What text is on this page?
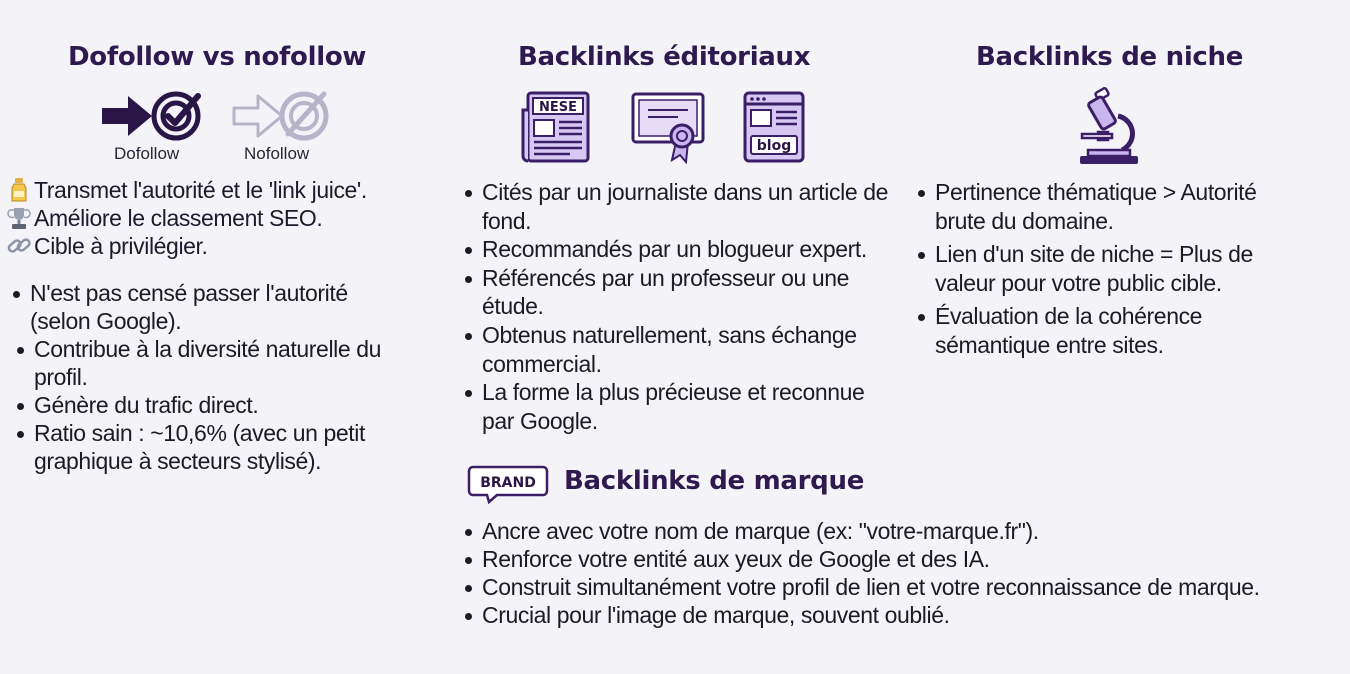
Dofollow vs nofollow
Dofollow	Nofollow
Transmet l'autorité et le 'link juice'.
Améliore le classement SEO.
Cible à privilégier.
N'est pas censé passer l'autorité (selon Google).
Contribue à la diversité naturelle du profil.
Génère du trafic direct.
Ratio sain : ~10,6% (avec un petit graphique à secteurs stylisé).
Backlinks éditoriaux
NESE
blog
Cités par un journaliste dans un article de fond.
Recommandés par un blogueur expert.
Référencés par un professeur ou une étude.
Obtenus naturellement, sans échange commercial.
La forme la plus précieuse et reconnue par Google.
Backlinks de niche
Pertinence thématique > Autorité brute du domaine.
Lien d'un site de niche = Plus de valeur pour votre public cible.
Évaluation de la cohérence sémantique entre sites.
BRAND Backlinks de marque
Ancre avec votre nom de marque (ex: "votre-marque.fr").
Renforce votre entité aux yeux de Google et des IA.
Construit simultanément votre profil de lien et votre reconnaissance de marque.
Crucial pour l'image de marque, souvent oublié.
